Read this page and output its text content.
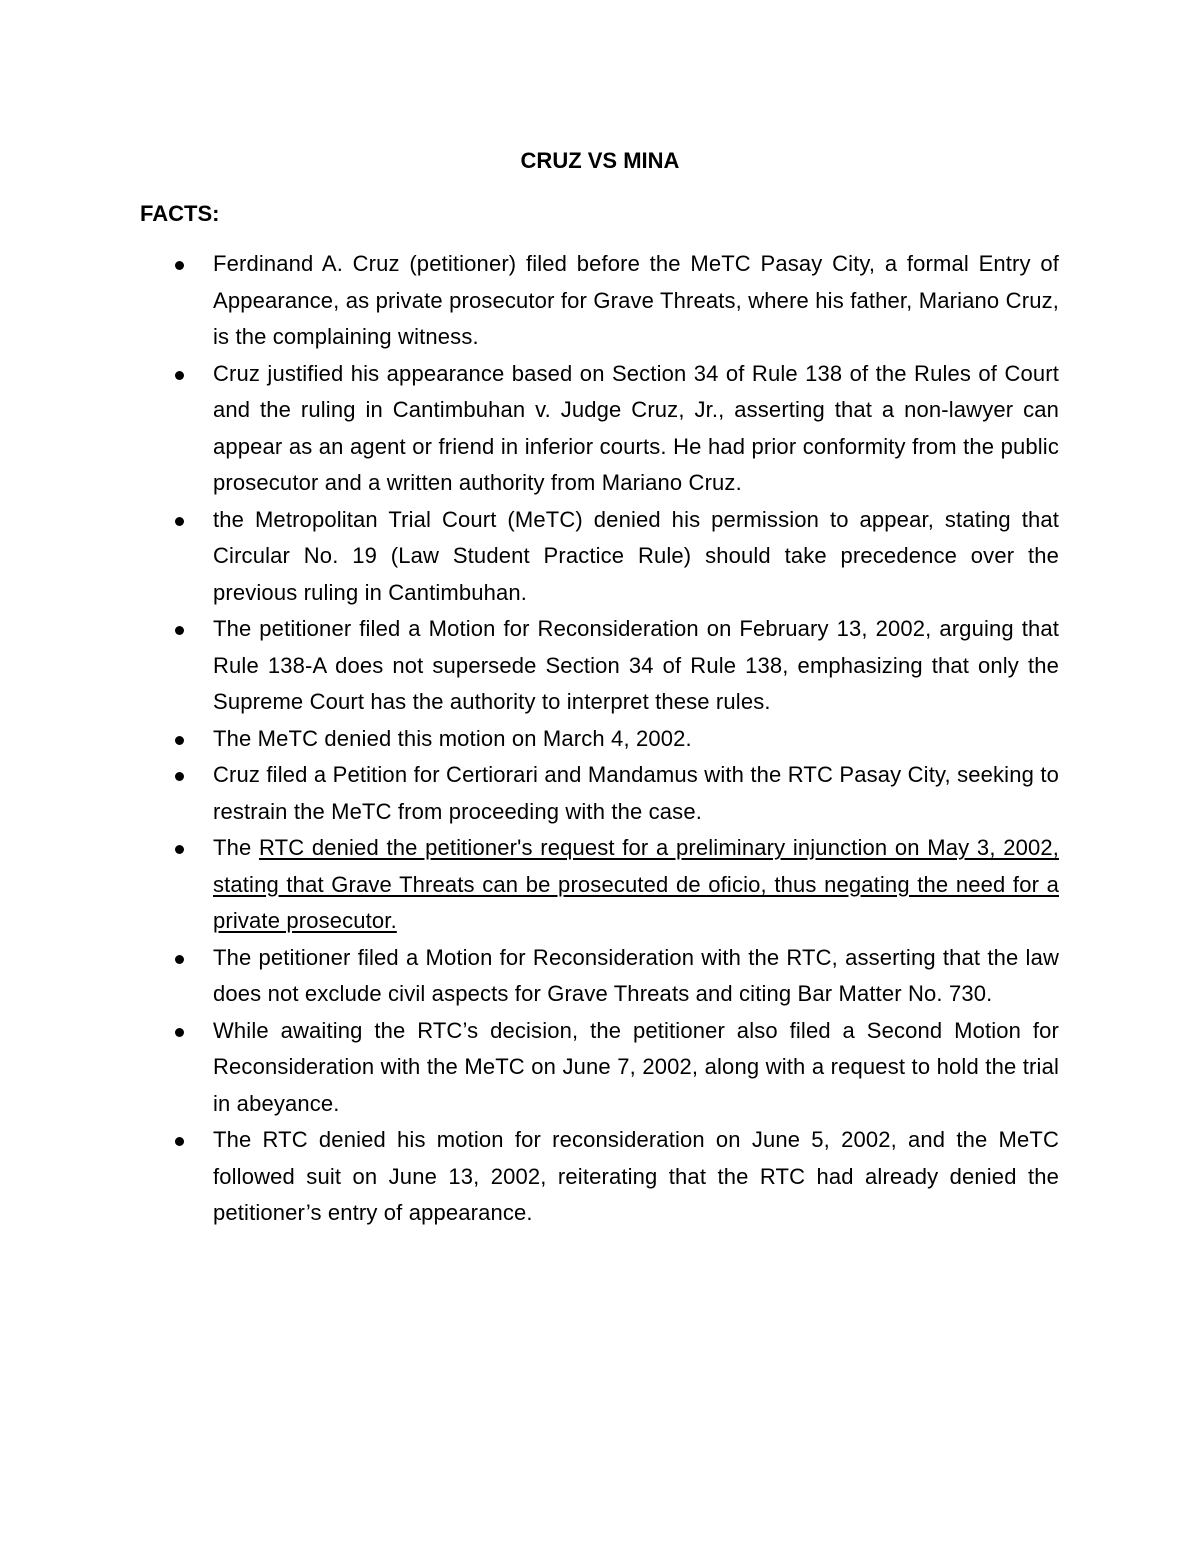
CRUZ VS MINA
FACTS:
Ferdinand A. Cruz (petitioner) filed before the MeTC Pasay City, a formal Entry of Appearance, as private prosecutor for Grave Threats, where his father, Mariano Cruz, is the complaining witness.
Cruz justified his appearance based on Section 34 of Rule 138 of the Rules of Court and the ruling in Cantimbuhan v. Judge Cruz, Jr., asserting that a non-lawyer can appear as an agent or friend in inferior courts. He had prior conformity from the public prosecutor and a written authority from Mariano Cruz.
the Metropolitan Trial Court (MeTC) denied his permission to appear, stating that Circular No. 19 (Law Student Practice Rule) should take precedence over the previous ruling in Cantimbuhan.
The petitioner filed a Motion for Reconsideration on February 13, 2002, arguing that Rule 138-A does not supersede Section 34 of Rule 138, emphasizing that only the Supreme Court has the authority to interpret these rules.
The MeTC denied this motion on March 4, 2002.
Cruz filed a Petition for Certiorari and Mandamus with the RTC Pasay City, seeking to restrain the MeTC from proceeding with the case.
The RTC denied the petitioner's request for a preliminary injunction on May 3, 2002, stating that Grave Threats can be prosecuted de oficio, thus negating the need for a private prosecutor.
The petitioner filed a Motion for Reconsideration with the RTC, asserting that the law does not exclude civil aspects for Grave Threats and citing Bar Matter No. 730.
While awaiting the RTC’s decision, the petitioner also filed a Second Motion for Reconsideration with the MeTC on June 7, 2002, along with a request to hold the trial in abeyance.
The RTC denied his motion for reconsideration on June 5, 2002, and the MeTC followed suit on June 13, 2002, reiterating that the RTC had already denied the petitioner’s entry of appearance.
